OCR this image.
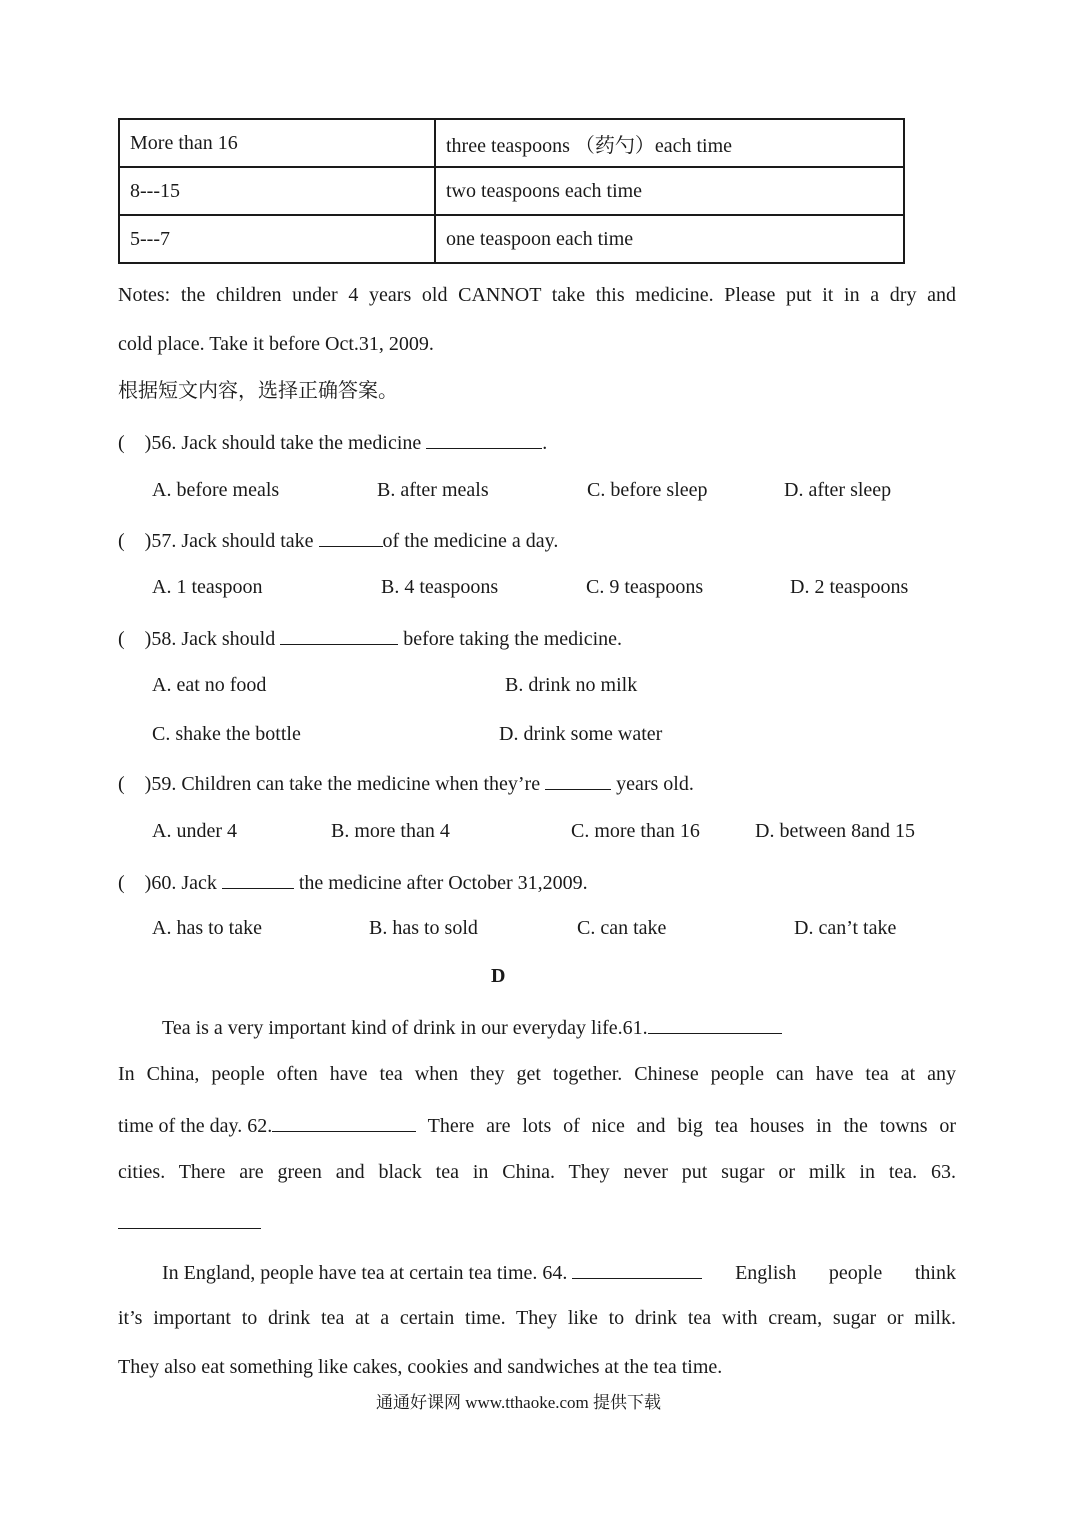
More than 16	three teaspoons （药勺）each time
8---15	two teaspoons each time
5---7	one teaspoon each time
Notes: the children under 4 years old CANNOT take this medicine. Please put it in a dry and
cold place. Take it before Oct.31, 2009.
根据短文内容，选择正确答案。
( )56. Jack should take the medicine	.
A. before meals	B. after meals	C. before sleep	D. after sleep
( )57. Jack should take	of the medicine a day.
A. 1 teaspoon	B. 4 teaspoons	C. 9 teaspoons	D. 2 teaspoons
( )58. Jack should	before taking the medicine.
A. eat no food	B. drink no milk
C. shake the bottle	D. drink some water
( )59. Children can take the medicine when they’re	years old.
A. under 4	B. more than 4	C. more than 16	D. between 8and 15
( )60. Jack	the medicine after October 31,2009.
A. has to take	B. has to sold	C. can take	D. can’t take
D
Tea is a very important kind of drink in our everyday life.61.
In China, people often have tea when they get together. Chinese people can have tea at any
time of the day. 62.	There are lots of nice and big tea houses in the towns or
cities. There are green and black tea in China. They never put sugar or milk in tea. 63.
In England, people have tea at certain tea time. 64.	English people think
it’s important to drink tea at a certain time. They like to drink tea with cream, sugar or milk.
They also eat something like cakes, cookies and sandwiches at the tea time.
通通好课网 www.tthaoke.com 提供下载
